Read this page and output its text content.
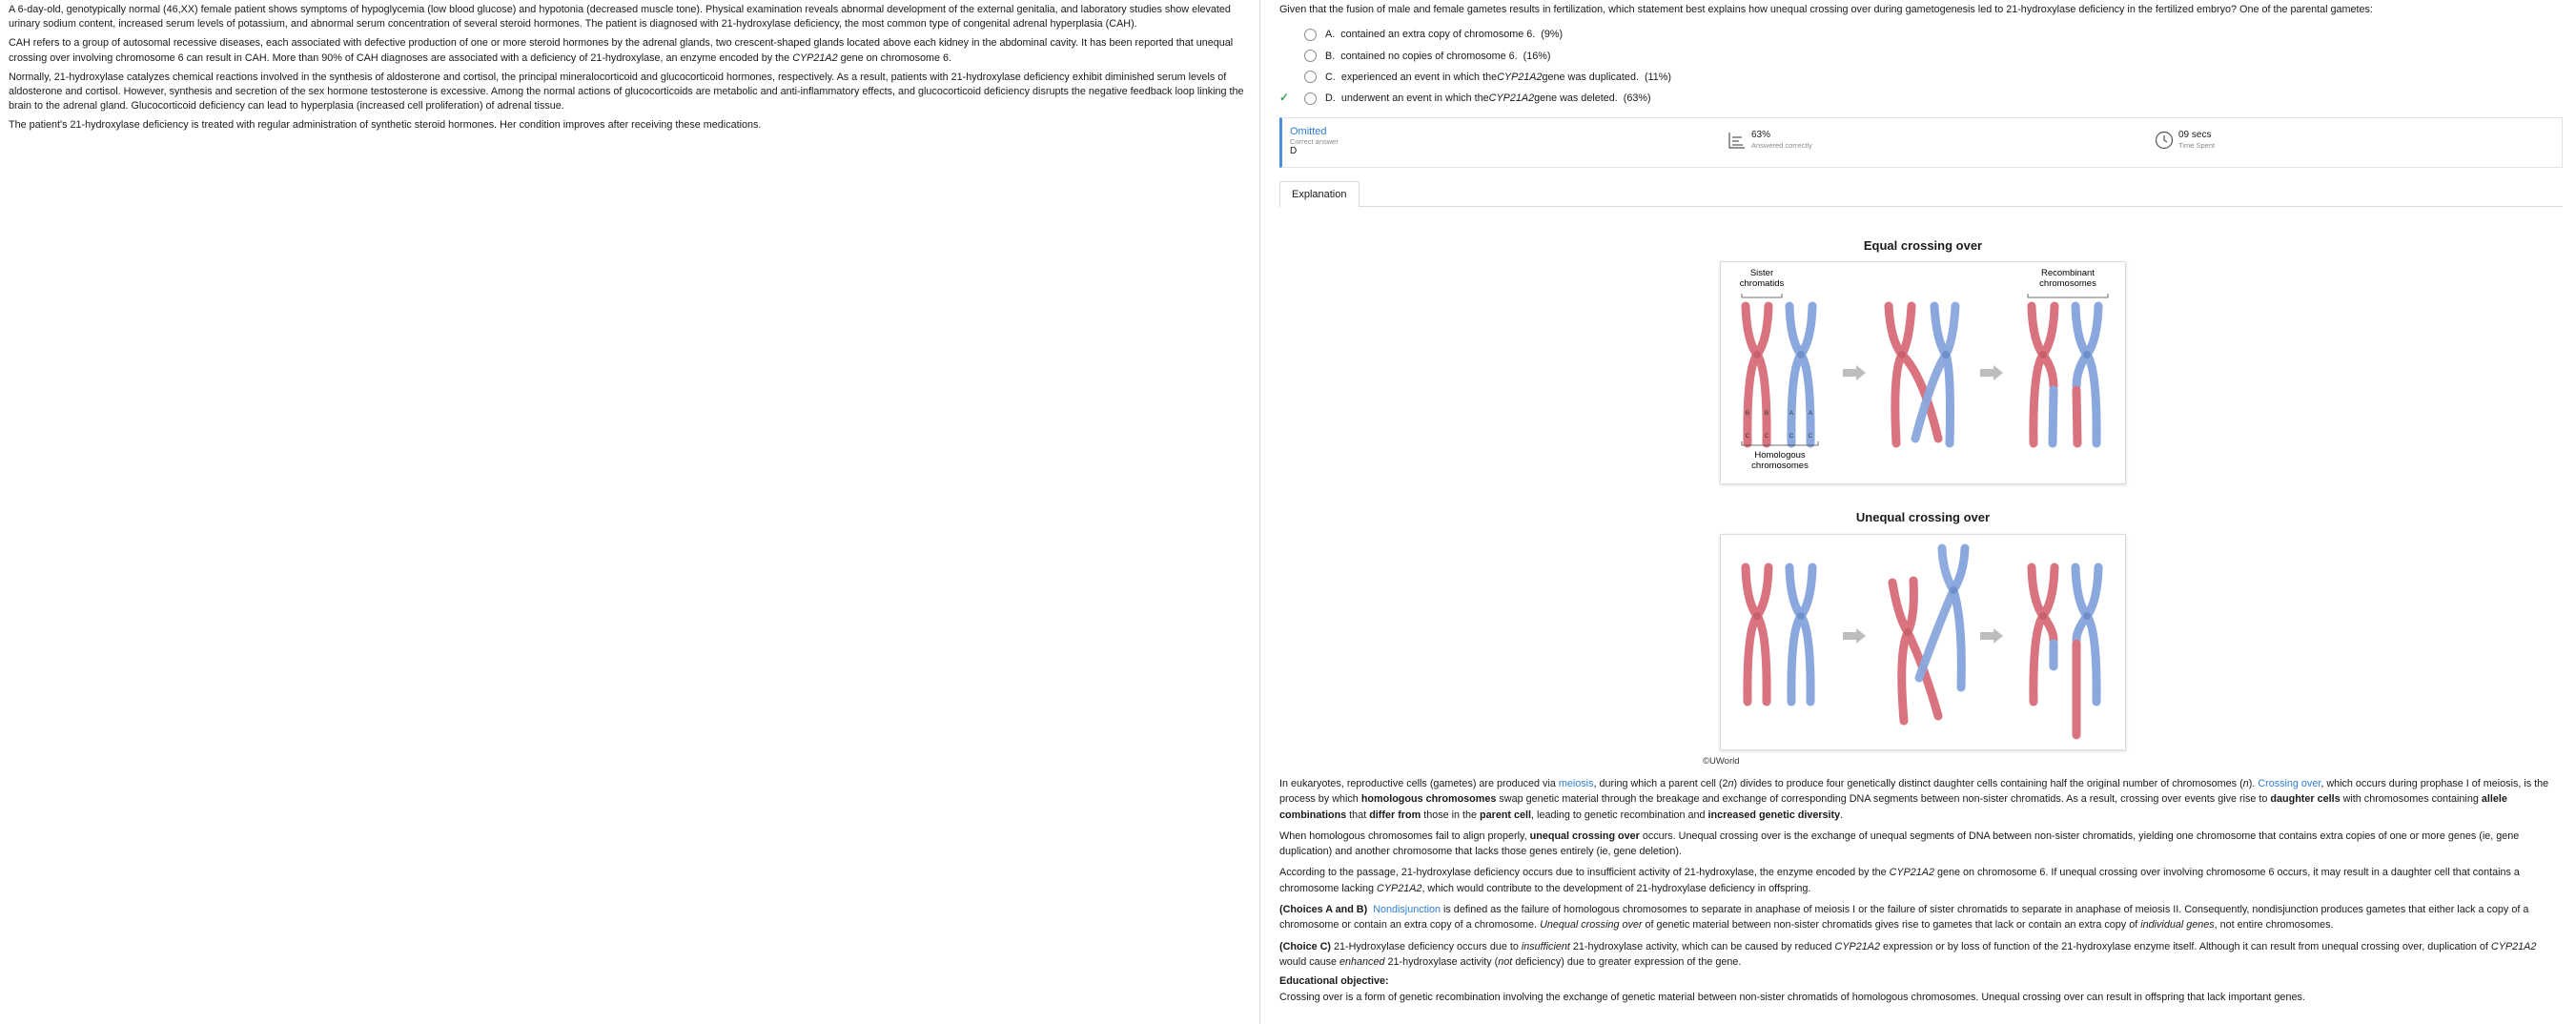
A 6-day-old, genotypically normal (46,XX) female patient shows symptoms of hypoglycemia (low blood glucose) and hypotonia (decreased muscle tone). Physical examination reveals abnormal development of the external genitalia, and laboratory studies show elevated urinary sodium content, increased serum levels of potassium, and abnormal serum concentration of several steroid hormones. The patient is diagnosed with 21-hydroxylase deficiency, the most common type of congenital adrenal hyperplasia (CAH).

CAH refers to a group of autosomal recessive diseases, each associated with defective production of one or more steroid hormones by the adrenal glands, two crescent-shaped glands located above each kidney in the abdominal cavity. It has been reported that unequal crossing over involving chromosome 6 can result in CAH. More than 90% of CAH diagnoses are associated with a deficiency of 21-hydroxylase, an enzyme encoded by the CYP21A2 gene on chromosome 6.

Normally, 21-hydroxylase catalyzes chemical reactions involved in the synthesis of aldosterone and cortisol, the principal mineralocorticoid and glucocorticoid hormones, respectively. As a result, patients with 21-hydroxylase deficiency exhibit diminished serum levels of aldosterone and cortisol. However, synthesis and secretion of the sex hormone testosterone is excessive. Among the normal actions of glucocorticoids are metabolic and anti-inflammatory effects, and glucocorticoid deficiency disrupts the negative feedback loop linking the brain to the adrenal gland. Glucocorticoid deficiency can lead to hyperplasia (increased cell proliferation) of adrenal tissue.

The patient's 21-hydroxylase deficiency is treated with regular administration of synthetic steroid hormones. Her condition improves after receiving these medications.

Given that the fusion of male and female gametes results in fertilization, which statement best explains how unequal crossing over during gametogenesis led to 21-hydroxylase deficiency in the fertilized embryo? One of the parental gametes:
A.
contained an extra copy of chromosome 6.
(9%)
B.
contained no copies of chromosome 6.
(16%)
C.
experienced an event in which the CYP21A2 gene was duplicated.
(11%)
✓	D.
underwent an event in which the CYP21A2 gene was deleted.
(63%)
Omitted
Correct answer
D
63%
Answered correctly
09 secs
Time Spent
Explanation
Equal crossing over
Sister
chromatids
Recombinant
chromosomes
B B	A A
C C	C C
Homologous
chromosomes
Unequal crossing over
©UWorld

In eukaryotes, reproductive cells (gametes) are produced via meiosis, during which a parent cell (2n) divides to produce four genetically distinct daughter cells containing half the original number of chromosomes (n). Crossing over, which occurs during prophase I of meiosis, is the process by which homologous chromosomes swap genetic material through the breakage and exchange of corresponding DNA segments between non-sister chromatids. As a result, crossing over events give rise to daughter cells with chromosomes containing allele combinations that differ from those in the parent cell, leading to genetic recombination and increased genetic diversity.

When homologous chromosomes fail to align properly, unequal crossing over occurs. Unequal crossing over is the exchange of unequal segments of DNA between non-sister chromatids, yielding one chromosome that contains extra copies of one or more genes (ie, gene duplication) and another chromosome that lacks those genes entirely (ie, gene deletion).

According to the passage, 21-hydroxylase deficiency occurs due to insufficient activity of 21-hydroxylase, the enzyme encoded by the CYP21A2 gene on chromosome 6. If unequal crossing over involving chromosome 6 occurs, it may result in a daughter cell that contains a chromosome lacking CYP21A2, which would contribute to the development of 21-hydroxylase deficiency in offspring.

(Choices A and B) Nondisjunction is defined as the failure of homologous chromosomes to separate in anaphase of meiosis I or the failure of sister chromatids to separate in anaphase of meiosis II. Consequently, nondisjunction produces gametes that either lack a copy of a chromosome or contain an extra copy of a chromosome. Unequal crossing over of genetic material between non-sister chromatids gives rise to gametes that lack or contain an extra copy of individual genes, not entire chromosomes.

(Choice C) 21-Hydroxylase deficiency occurs due to insufficient 21-hydroxylase activity, which can be caused by reduced CYP21A2 expression or by loss of function of the 21-hydroxylase enzyme itself. Although it can result from unequal crossing over, duplication of CYP21A2 would cause enhanced 21-hydroxylase activity (not deficiency) due to greater expression of the gene.

Educational objective:

Crossing over is a form of genetic recombination involving the exchange of genetic material between non-sister chromatids of homologous chromosomes. Unequal crossing over can result in offspring that lack important genes.
